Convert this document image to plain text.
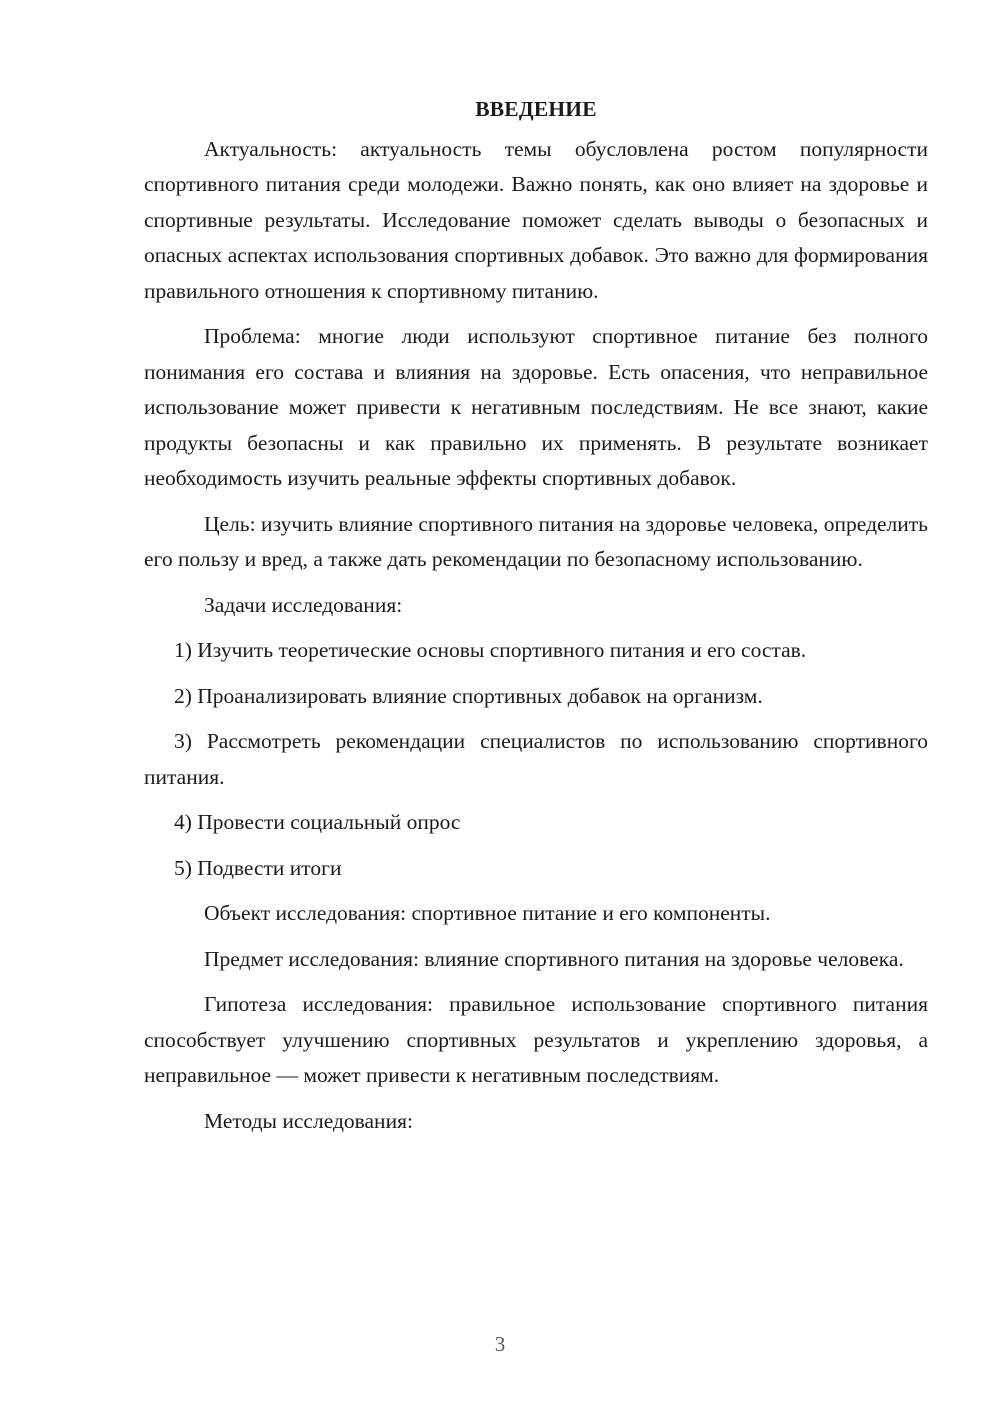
ВВЕДЕНИЕ

Актуальность: актуальность темы обусловлена ростом популярности спортивного питания среди молодежи. Важно понять, как оно влияет на здоровье и спортивные результаты. Исследование поможет сделать выводы о безопасных и опасных аспектах использования спортивных добавок. Это важно для формирования правильного отношения к спортивному питанию.

Проблема: многие люди используют спортивное питание без полного понимания его состава и влияния на здоровье. Есть опасения, что неправильное использование может привести к негативным последствиям. Не все знают, какие продукты безопасны и как правильно их применять. В результате возникает необходимость изучить реальные эффекты спортивных добавок.

Цель: изучить влияние спортивного питания на здоровье человека, определить его пользу и вред, а также дать рекомендации по безопасному использованию.

Задачи исследования:

1) Изучить теоретические основы спортивного питания и его состав.

2) Проанализировать влияние спортивных добавок на организм.

3) Рассмотреть рекомендации специалистов по использованию спортивного питания.

4) Провести социальный опрос

5) Подвести итоги

Объект исследования: спортивное питание и его компоненты.

Предмет исследования: влияние спортивного питания на здоровье человека.

Гипотеза исследования: правильное использование спортивного питания способствует улучшению спортивных результатов и укреплению здоровья, а неправильное — может привести к негативным последствиям.

Методы исследования:

3
